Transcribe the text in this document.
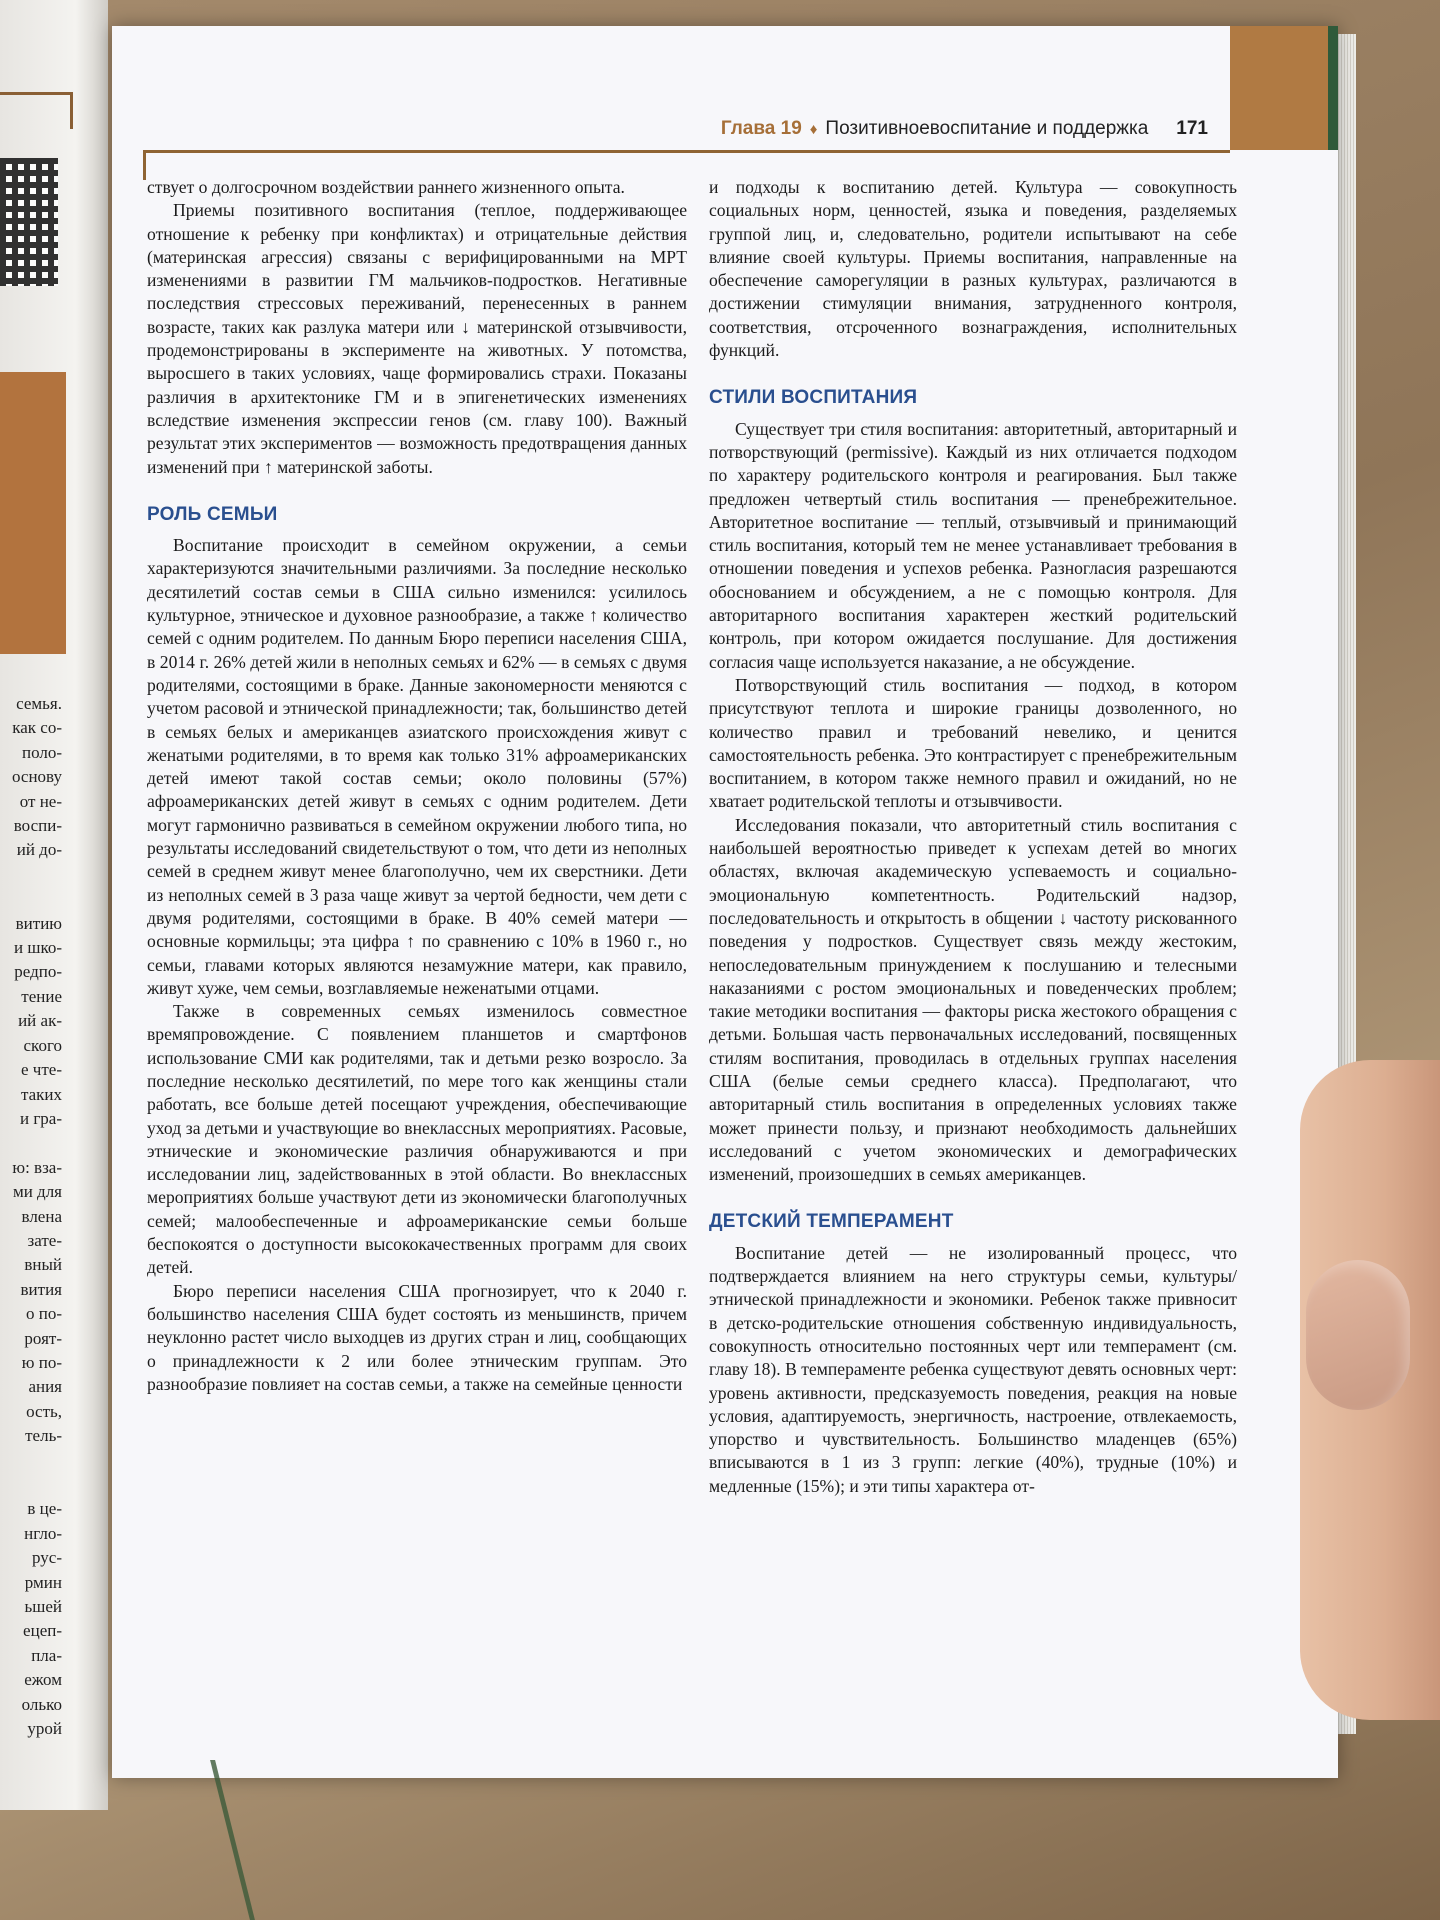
семья.
как со-
поло-
основу
от не-
воспи-
ий до-

витию
и шко-
редпо-
тение
ий ак-
ского
е чте-
таких
и гра-

ю: вза-
ми для
влена
зате-
вный
вития
о по-
роят-
ю по-
ания
ость,
тель-

в це-
нгло-
рус-
рмин
ьшей
ецеп-
пла-
ежом
олько
урой
Глава 19 ♦ Позитивноевоспитание и поддержка 171

ствует о долгосрочном воздействии раннего жизненного опыта.

Приемы позитивного воспитания (теплое, поддерживающее отношение к ребенку при конфликтах) и отрицательные действия (материнская агрессия) связаны с верифицированными на МРТ изменениями в развитии ГМ мальчиков-подростков. Негативные последствия стрессовых переживаний, перенесенных в раннем возрасте, таких как разлука матери или ↓ материнской отзывчивости, продемонстрированы в эксперименте на животных. У потомства, выросшего в таких условиях, чаще формировались страхи. Показаны различия в архитектонике ГМ и в эпигенетических изменениях вследствие изменения экспрессии генов (см. главу 100). Важный результат этих экспериментов — возможность предотвращения данных изменений при ↑ материнской заботы.

РОЛЬ СЕМЬИ

Воспитание происходит в семейном окружении, а семьи характеризуются значительными различиями. За последние несколько десятилетий состав семьи в США сильно изменился: усилилось культурное, этническое и духовное разнообразие, а также ↑ количество семей с одним родителем. По данным Бюро переписи населения США, в 2014 г. 26% детей жили в неполных семьях и 62% — в семьях с двумя родителями, состоящими в браке. Данные закономерности меняются с учетом расовой и этнической принадлежности; так, большинство детей в семьях белых и американцев азиатского происхождения живут с женатыми родителями, в то время как только 31% афроамериканских детей имеют такой состав семьи; около половины (57%) афроамериканских детей живут в семьях с одним родителем. Дети могут гармонично развиваться в семейном окружении любого типа, но результаты исследований свидетельствуют о том, что дети из неполных семей в среднем живут менее благополучно, чем их сверстники. Дети из неполных семей в 3 раза чаще живут за чертой бедности, чем дети с двумя родителями, состоящими в браке. В 40% семей матери — основные кормильцы; эта цифра ↑ по сравнению с 10% в 1960 г., но семьи, главами которых являются незамужние матери, как правило, живут хуже, чем семьи, возглавляемые неженатыми отцами.

Также в современных семьях изменилось совместное времяпровождение. С появлением планшетов и смартфонов использование СМИ как родителями, так и детьми резко возросло. За последние несколько десятилетий, по мере того как женщины стали работать, все больше детей посещают учреждения, обеспечивающие уход за детьми и участвующие во внеклассных мероприятиях. Расовые, этнические и экономические различия обнаруживаются и при исследовании лиц, задействованных в этой области. Во внеклассных мероприятиях больше участвуют дети из экономически благополучных семей; малообеспеченные и афроамериканские семьи больше беспокоятся о доступности высококачественных программ для своих детей.

Бюро переписи населения США прогнозирует, что к 2040 г. большинство населения США будет состоять из меньшинств, причем неуклонно растет число выходцев из других стран и лиц, сообщающих о принадлежности к 2 или более этническим группам. Это разнообразие повлияет на состав семьи, а также на семейные ценности

и подходы к воспитанию детей. Культура — совокупность социальных норм, ценностей, языка и поведения, разделяемых группой лиц, и, следовательно, родители испытывают на себе влияние своей культуры. Приемы воспитания, направленные на обеспечение саморегуляции в разных культурах, различаются в достижении стимуляции внимания, затрудненного контроля, соответствия, отсроченного вознаграждения, исполнительных функций.

СТИЛИ ВОСПИТАНИЯ

Существует три стиля воспитания: авторитетный, авторитарный и потворствующий (permissive). Каждый из них отличается подходом по характеру родительского контроля и реагирования. Был также предложен четвертый стиль воспитания — пренебрежительное. Авторитетное воспитание — теплый, отзывчивый и принимающий стиль воспитания, который тем не менее устанавливает требования в отношении поведения и успехов ребенка. Разногласия разрешаются обоснованием и обсуждением, а не с помощью контроля. Для авторитарного воспитания характерен жесткий родительский контроль, при котором ожидается послушание. Для достижения согласия чаще используется наказание, а не обсуждение.

Потворствующий стиль воспитания — подход, в котором присутствуют теплота и широкие границы дозволенного, но количество правил и требований невелико, и ценится самостоятельность ребенка. Это контрастирует с пренебрежительным воспитанием, в котором также немного правил и ожиданий, но не хватает родительской теплоты и отзывчивости.

Исследования показали, что авторитетный стиль воспитания с наибольшей вероятностью приведет к успехам детей во многих областях, включая академическую успеваемость и социально-эмоциональную компетентность. Родительский надзор, последовательность и открытость в общении ↓ частоту рискованного поведения у подростков. Существует связь между жестоким, непоследовательным принуждением к послушанию и телесными наказаниями с ростом эмоциональных и поведенческих проблем; такие методики воспитания — факторы риска жестокого обращения с детьми. Большая часть первоначальных исследований, посвященных стилям воспитания, проводилась в отдельных группах населения США (белые семьи среднего класса). Предполагают, что авторитарный стиль воспитания в определенных условиях также может принести пользу, и признают необходимость дальнейших исследований с учетом экономических и демографических изменений, произошедших в семьях американцев.

ДЕТСКИЙ ТЕМПЕРАМЕНТ

Воспитание детей — не изолированный процесс, что подтверждается влиянием на него структуры семьи, культуры/этнической принадлежности и экономики. Ребенок также привносит в детско-родительские отношения собственную индивидуальность, совокупность относительно постоянных черт или темперамент (см. главу 18). В темпераменте ребенка существуют девять основных черт: уровень активности, предсказуемость поведения, реакция на новые условия, адаптируемость, энергичность, настроение, отвлекаемость, упорство и чувствительность. Большинство младенцев (65%) вписываются в 1 из 3 групп: легкие (40%), трудные (10%) и медленные (15%); и эти типы характера от-
